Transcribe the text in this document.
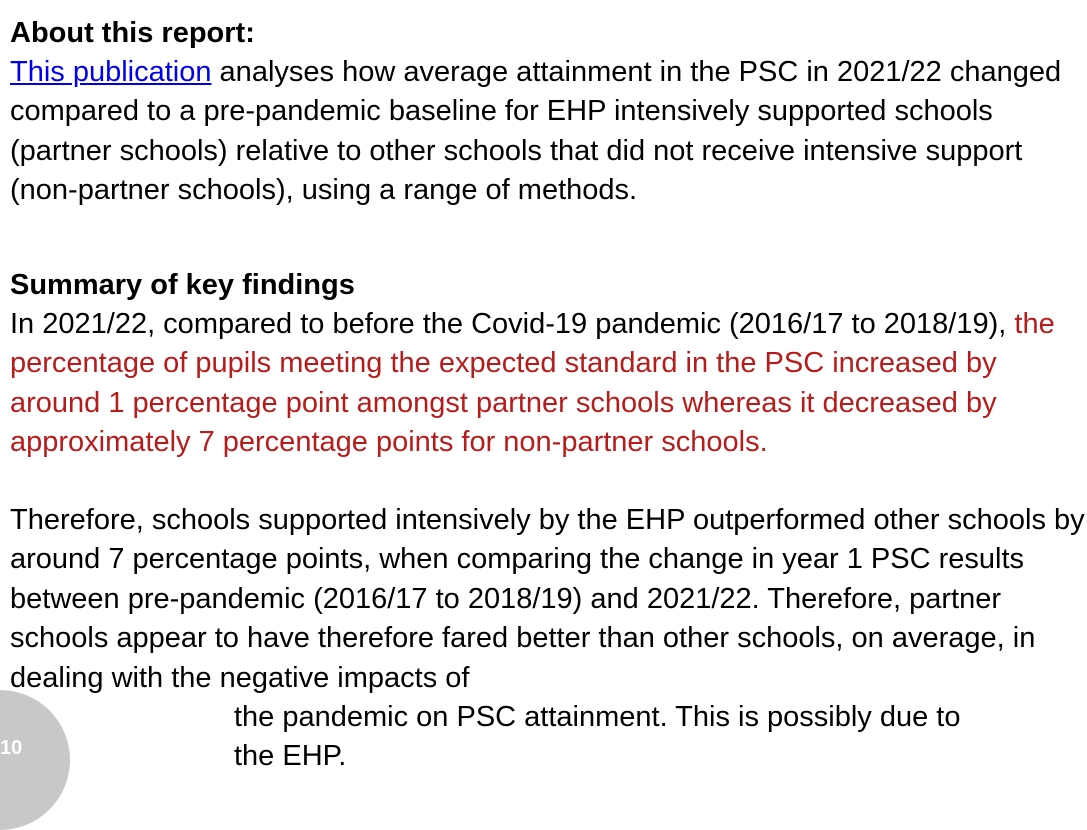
About this report:

This publication analyses how average attainment in the PSC in 2021/22 changed compared to a pre-pandemic baseline for EHP intensively supported schools (partner schools) relative to other schools that did not receive intensive support (non-partner schools), using a range of methods.

Summary of key findings

In 2021/22, compared to before the Covid-19 pandemic (2016/17 to 2018/19), the percentage of pupils meeting the expected standard in the PSC increased by around 1 percentage point amongst partner schools whereas it decreased by approximately 7 percentage points for non-partner schools.

Therefore, schools supported intensively by the EHP outperformed other schools by around 7 percentage points, when comparing the change in year 1 PSC results between pre-pandemic (2016/17 to 2018/19) and 2021/22. Therefore, partner schools appear to have therefore fared better than other schools, on average, in dealing with the negative impacts of

the pandemic on PSC attainment. This is possibly due to

the EHP.

10
